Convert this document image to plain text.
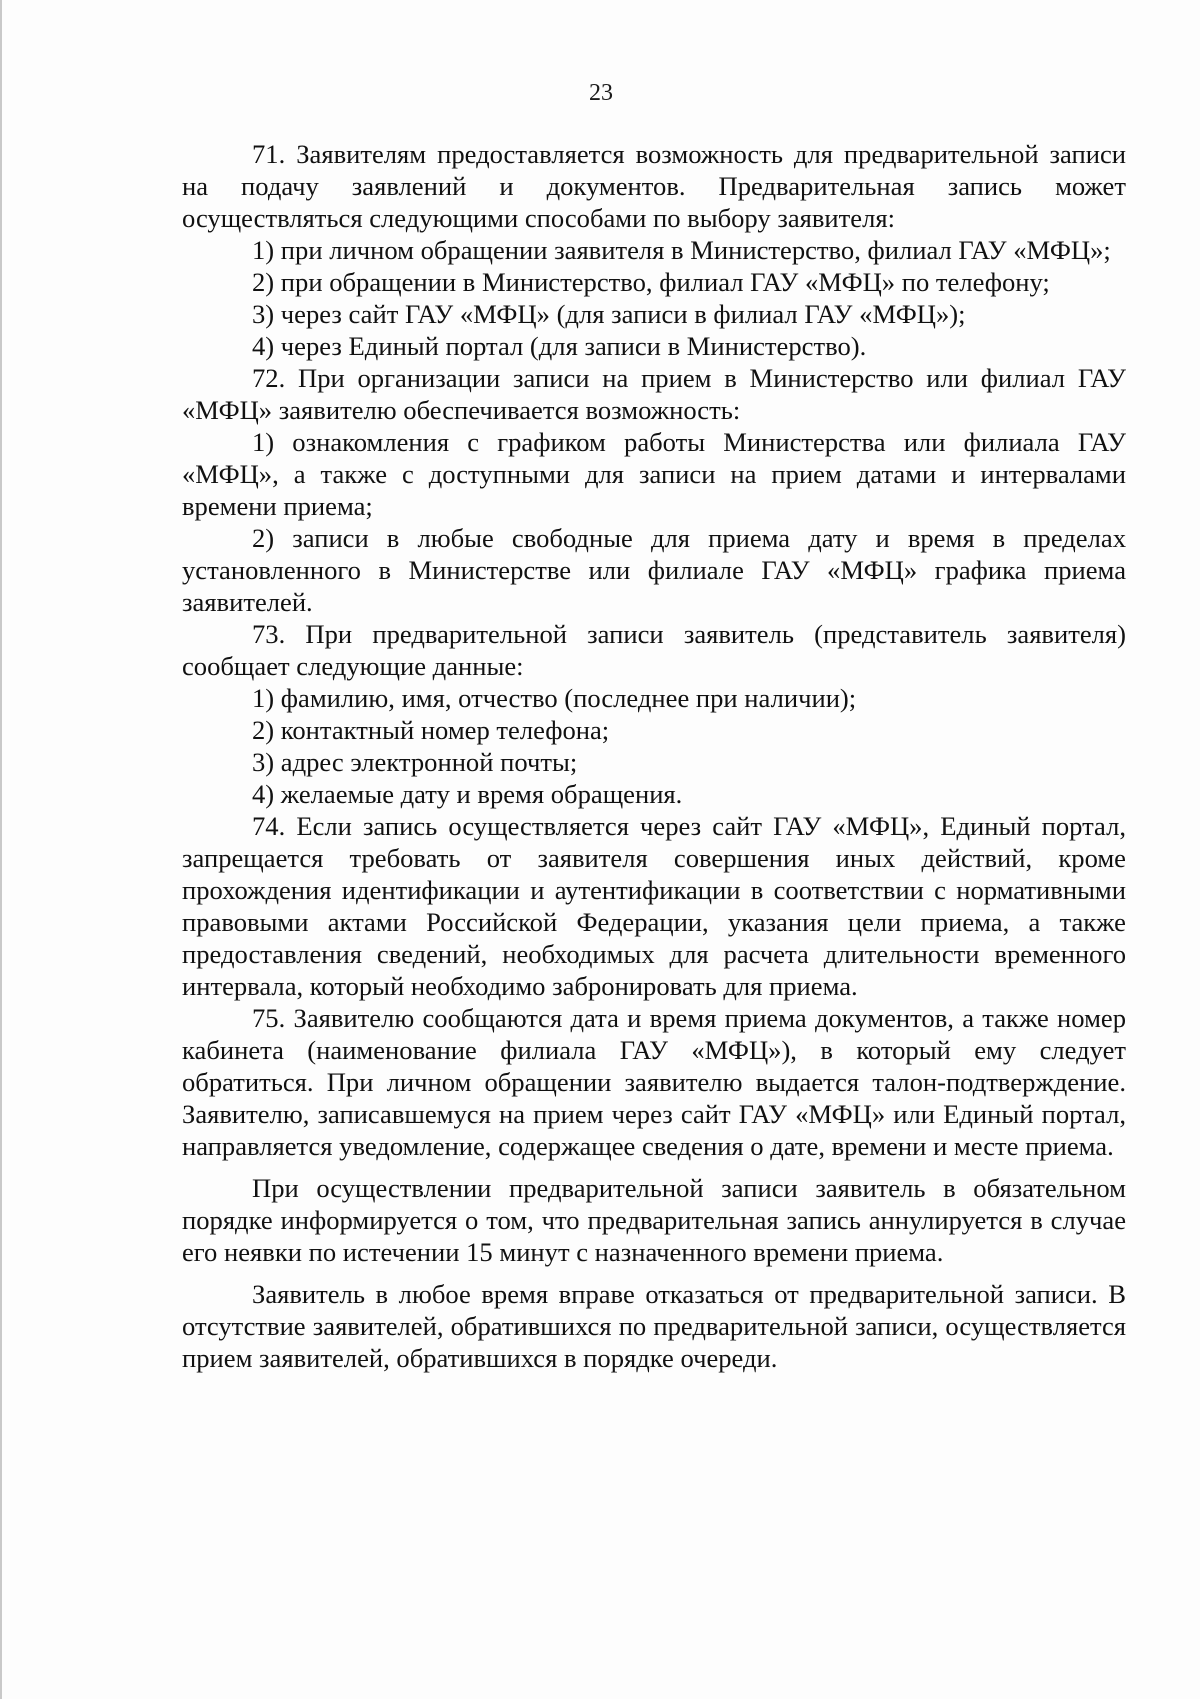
23

71. Заявителям предоставляется возможность для предварительной записи на подачу заявлений и документов. Предварительная запись может осуществляться следующими способами по выбору заявителя:

1) при личном обращении заявителя в Министерство, филиал ГАУ «МФЦ»;

2) при обращении в Министерство, филиал ГАУ «МФЦ» по телефону;

3) через сайт ГАУ «МФЦ» (для записи в филиал ГАУ «МФЦ»);

4) через Единый портал (для записи в Министерство).

72. При организации записи на прием в Министерство или филиал ГАУ «МФЦ» заявителю обеспечивается возможность:

1) ознакомления с графиком работы Министерства или филиала ГАУ «МФЦ», а также с доступными для записи на прием датами и интервалами времени приема;

2) записи в любые свободные для приема дату и время в пределах установленного в Министерстве или филиале ГАУ «МФЦ» графика приема заявителей.

73. При предварительной записи заявитель (представитель заявителя) сообщает следующие данные:

1) фамилию, имя, отчество (последнее при наличии);

2) контактный номер телефона;

3) адрес электронной почты;

4) желаемые дату и время обращения.

74. Если запись осуществляется через сайт ГАУ «МФЦ», Единый портал, запрещается требовать от заявителя совершения иных действий, кроме прохождения идентификации и аутентификации в соответствии с нормативными правовыми актами Российской Федерации, указания цели приема, а также предоставления сведений, необходимых для расчета длительности временного интервала, который необходимо забронировать для приема.

75. Заявителю сообщаются дата и время приема документов, а также номер кабинета (наименование филиала ГАУ «МФЦ»), в который ему следует обратиться. При личном обращении заявителю выдается талон-подтверждение. Заявителю, записавшемуся на прием через сайт ГАУ «МФЦ» или Единый портал, направляется уведомление, содержащее сведения о дате, времени и месте приема.

При осуществлении предварительной записи заявитель в обязательном порядке информируется о том, что предварительная запись аннулируется в случае его неявки по истечении 15 минут с назначенного времени приема.

Заявитель в любое время вправе отказаться от предварительной записи. В отсутствие заявителей, обратившихся по предварительной записи, осуществляется прием заявителей, обратившихся в порядке очереди.
